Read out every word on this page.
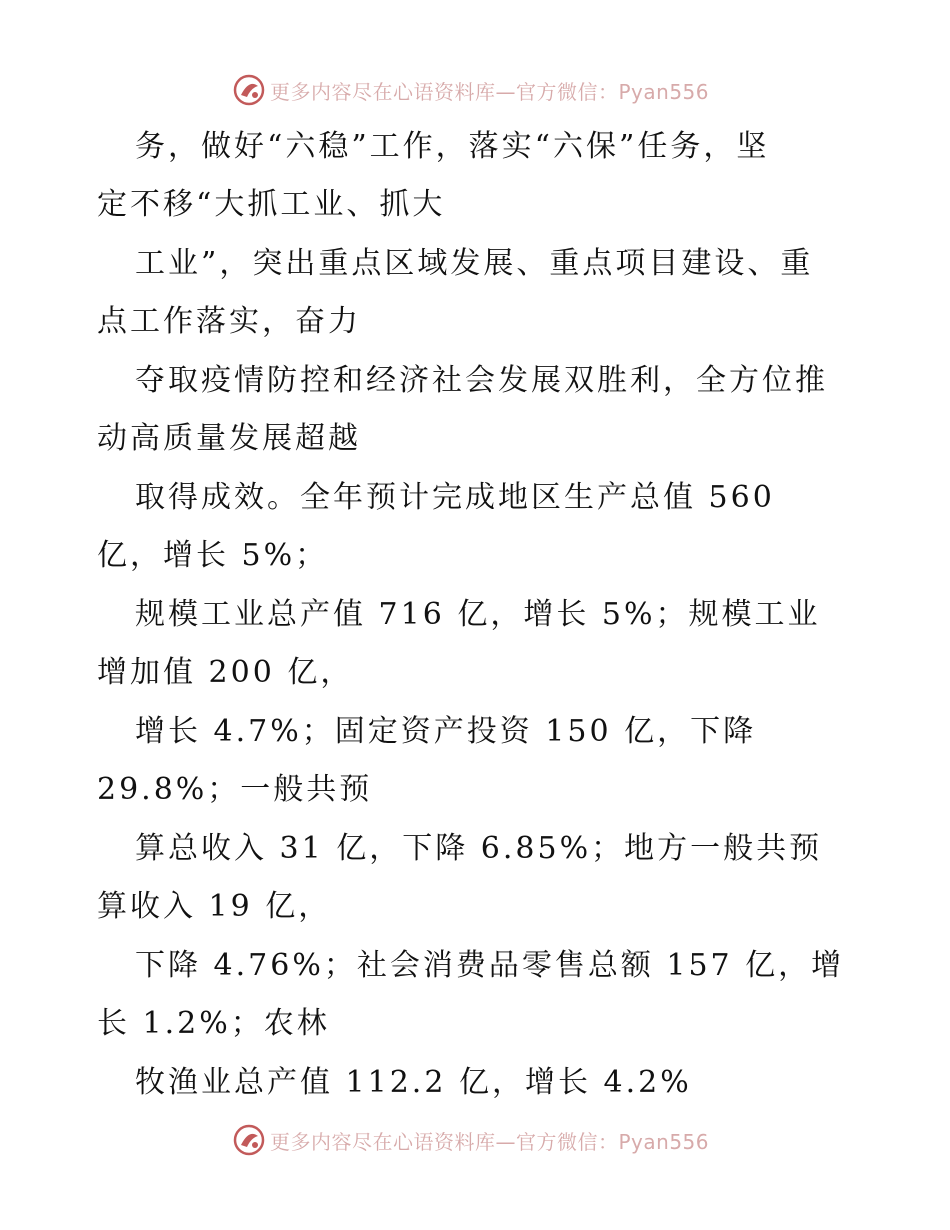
更多内容尽在心语资料库—官方微信：Pyan556
务，做好“六稳”工作，落实“六保”任务，坚
定不移“大抓工业、抓大
工业”，突出重点区域发展、重点项目建设、重
点工作落实，奋力
夺取疫情防控和经济社会发展双胜利，全方位推
动高质量发展超越
取得成效。全年预计完成地区生产总值 560
亿，增长 5%；
规模工业总产值 716 亿，增长 5%；规模工业
增加值 200 亿，
增长 4.7%；固定资产投资 150 亿，下降
29.8%；一般共预
算总收入 31 亿，下降 6.85%；地方一般共预
算收入 19 亿，
下降 4.76%；社会消费品零售总额 157 亿，增
长 1.2%；农林
牧渔业总产值 112.2 亿，增长 4.2%
更多内容尽在心语资料库—官方微信：Pyan556
